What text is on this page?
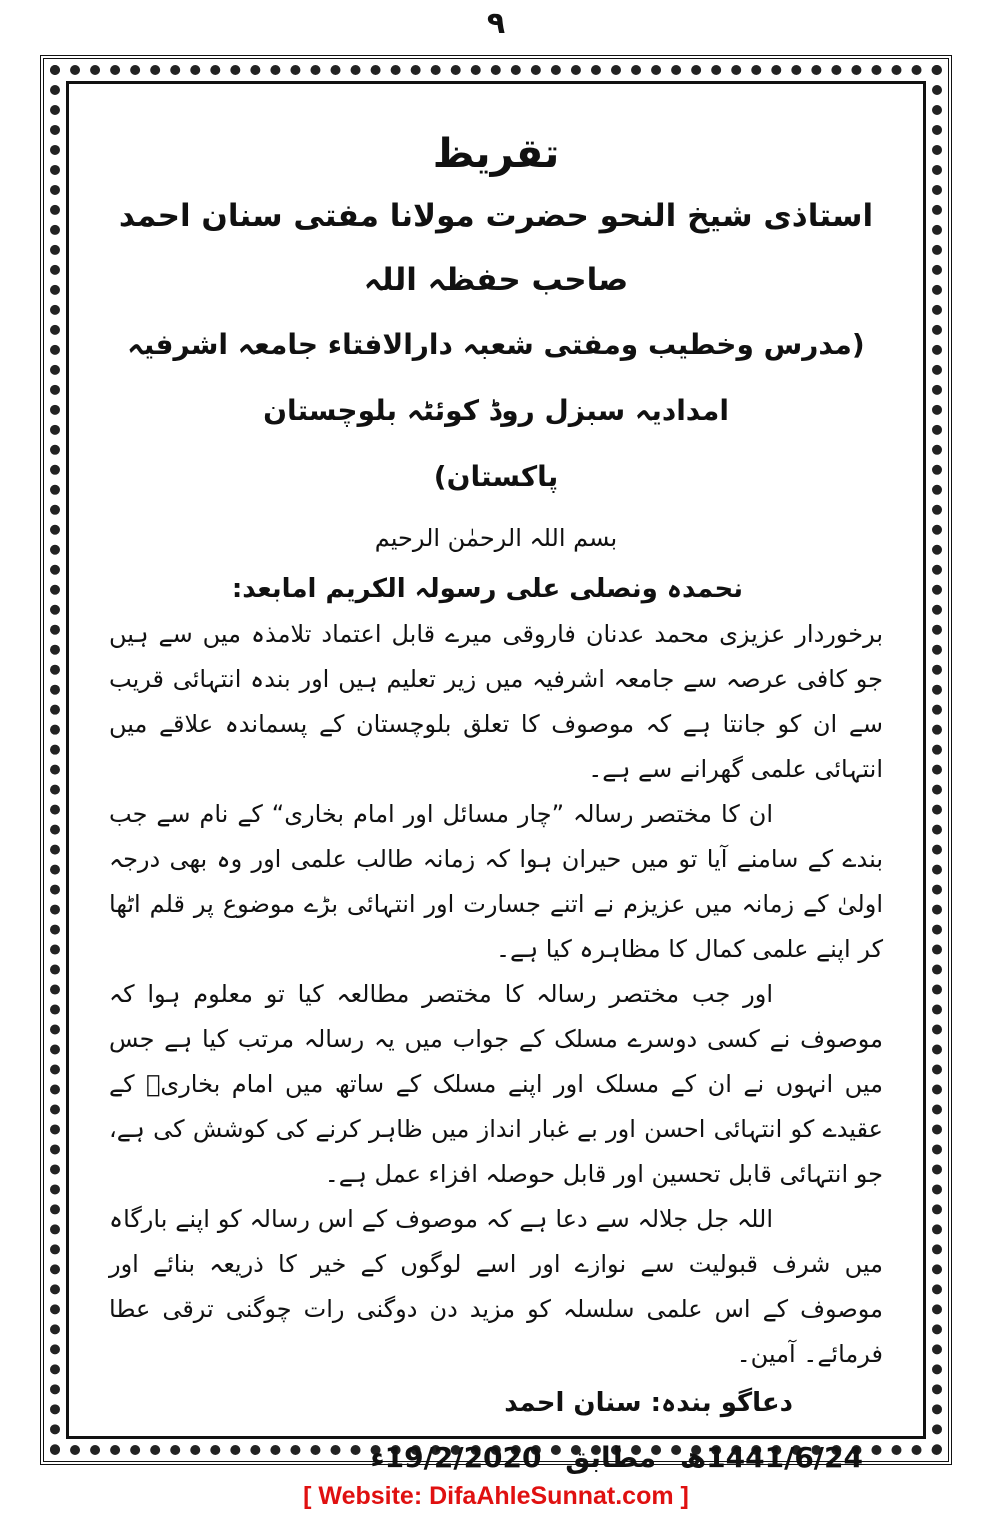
۹
تقریظ

استاذی شیخ النحو حضرت مولانا مفتی سنان احمد صاحب حفظہ اللہ

(مدرس وخطیب ومفتی شعبہ دارالافتاء جامعہ اشرفیہ امدادیہ سبزل روڈ کوئٹہ بلوچستان

پاکستان)

بسم اللہ الرحمٰن الرحیم

نحمدہ ونصلی علی رسولہ الکریم امابعد:

برخوردار عزیزی محمد عدنان فاروقی میرے قابل اعتماد تلامذہ میں سے ہیں جو کافی عرصہ سے جامعہ اشرفیہ میں زیر تعلیم ہیں اور بندہ انتہائی قریب سے ان کو جانتا ہے کہ موصوف کا تعلق بلوچستان کے پسماندہ علاقے میں انتہائی علمی گھرانے سے ہے۔

ان کا مختصر رسالہ ”چار مسائل اور امام بخاری“ کے نام سے جب بندے کے سامنے آیا تو میں حیران ہوا کہ زمانہ طالب علمی اور وہ بھی درجہ اولیٰ کے زمانہ میں عزیزم نے اتنے جسارت اور انتہائی بڑے موضوع پر قلم اٹھا کر اپنے علمی کمال کا مظاہرہ کیا ہے۔

اور جب مختصر رسالہ کا مختصر مطالعہ کیا تو معلوم ہوا کہ موصوف نے کسی دوسرے مسلک کے جواب میں یہ رسالہ مرتب کیا ہے جس میں انہوں نے ان کے مسلک اور اپنے مسلک کے ساتھ میں امام بخاریؒ کے عقیدے کو انتہائی احسن اور بے غبار انداز میں ظاہر کرنے کی کوشش کی ہے، جو انتہائی قابل تحسین اور قابل حوصلہ افزاء عمل ہے۔

اللہ جل جلالہ سے دعا ہے کہ موصوف کے اس رسالہ کو اپنے بارگاہ میں شرف قبولیت سے نوازے اور اسے لوگوں کے خیر کا ذریعہ بنائے اور موصوف کے اس علمی سلسلہ کو مزید دن دوگنی رات چوگنی ترقی عطا فرمائے۔ آمین۔

دعاگو بندہ: سنان احمد

1441/6/24ھ مطابق 19/2/2020ء

[ Website: DifaAhleSunnat.com ]
